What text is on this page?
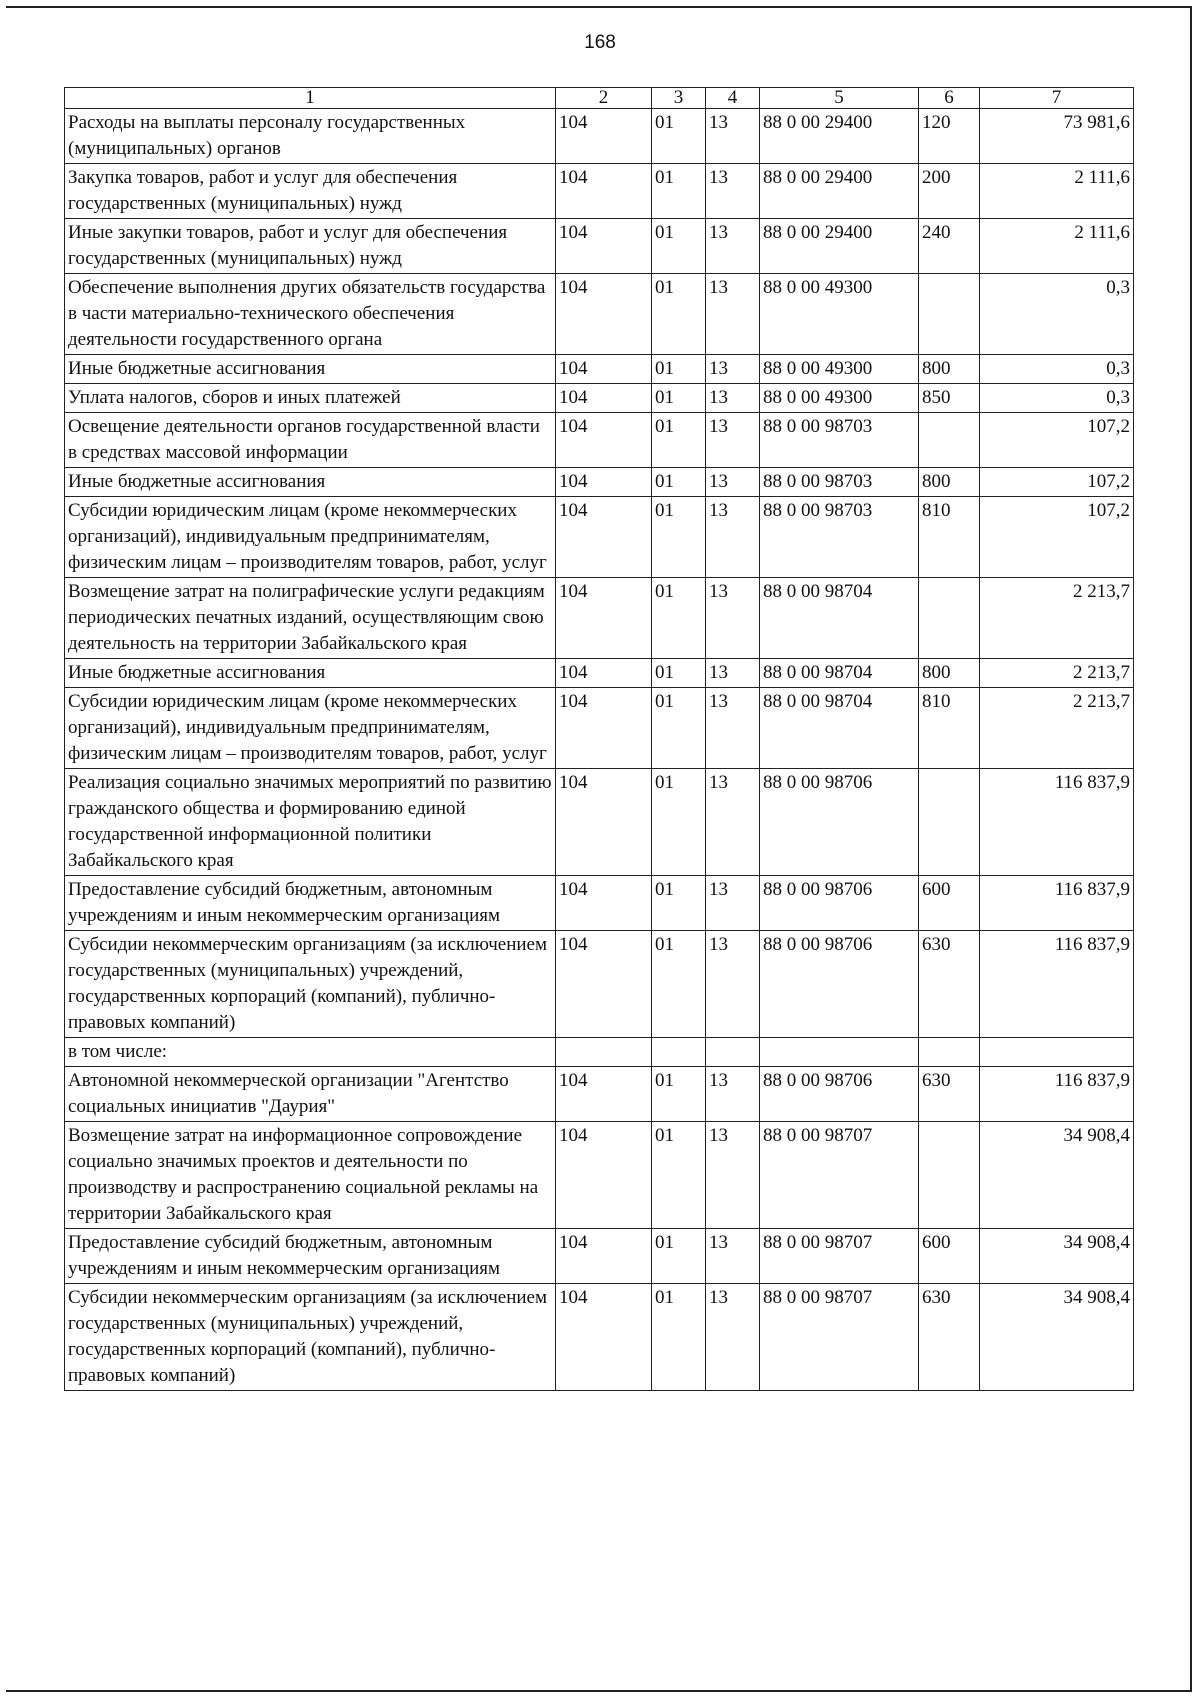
168
1	2	3	4	5	6	7
Расходы на выплаты персоналу государственных (муниципальных) органов	104	01	13	88 0 00 29400	120	73 981,6
Закупка товаров, работ и услуг для обеспечения государственных (муниципальных) нужд	104	01	13	88 0 00 29400	200	2 111,6
Иные закупки товаров, работ и услуг для обеспечения государственных (муниципальных) нужд	104	01	13	88 0 00 29400	240	2 111,6
Обеспечение выполнения других обязательств государства в части материально-технического обеспечения деятельности государственного органа	104	01	13	88 0 00 49300		0,3
Иные бюджетные ассигнования	104	01	13	88 0 00 49300	800	0,3
Уплата налогов, сборов и иных платежей	104	01	13	88 0 00 49300	850	0,3
Освещение деятельности органов государственной власти в средствах массовой информации	104	01	13	88 0 00 98703		107,2
Иные бюджетные ассигнования	104	01	13	88 0 00 98703	800	107,2
Субсидии юридическим лицам (кроме некоммерческих организаций), индивидуальным предпринимателям, физическим лицам – производителям товаров, работ, услуг	104	01	13	88 0 00 98703	810	107,2
Возмещение затрат на полиграфические услуги редакциям периодических печатных изданий, осуществляющим свою деятельность на территории Забайкальского края	104	01	13	88 0 00 98704		2 213,7
Иные бюджетные ассигнования	104	01	13	88 0 00 98704	800	2 213,7
Субсидии юридическим лицам (кроме некоммерческих организаций), индивидуальным предпринимателям, физическим лицам – производителям товаров, работ, услуг	104	01	13	88 0 00 98704	810	2 213,7
Реализация социально значимых мероприятий по развитию гражданского общества и формированию единой государственной информационной политики Забайкальского края	104	01	13	88 0 00 98706		116 837,9
Предоставление субсидий бюджетным, автономным учреждениям и иным некоммерческим организациям	104	01	13	88 0 00 98706	600	116 837,9
Субсидии некоммерческим организациям (за исключением государственных (муниципальных) учреждений, государственных корпораций (компаний), публично-правовых компаний)	104	01	13	88 0 00 98706	630	116 837,9
в том числе:						
Автономной некоммерческой организации "Агентство социальных инициатив "Даурия"	104	01	13	88 0 00 98706	630	116 837,9
Возмещение затрат на информационное сопровождение социально значимых проектов и деятельности по производству и распространению социальной рекламы на территории Забайкальского края	104	01	13	88 0 00 98707		34 908,4
Предоставление субсидий бюджетным, автономным учреждениям и иным некоммерческим организациям	104	01	13	88 0 00 98707	600	34 908,4
Субсидии некоммерческим организациям (за исключением государственных (муниципальных) учреждений, государственных корпораций (компаний), публично-правовых компаний)	104	01	13	88 0 00 98707	630	34 908,4
